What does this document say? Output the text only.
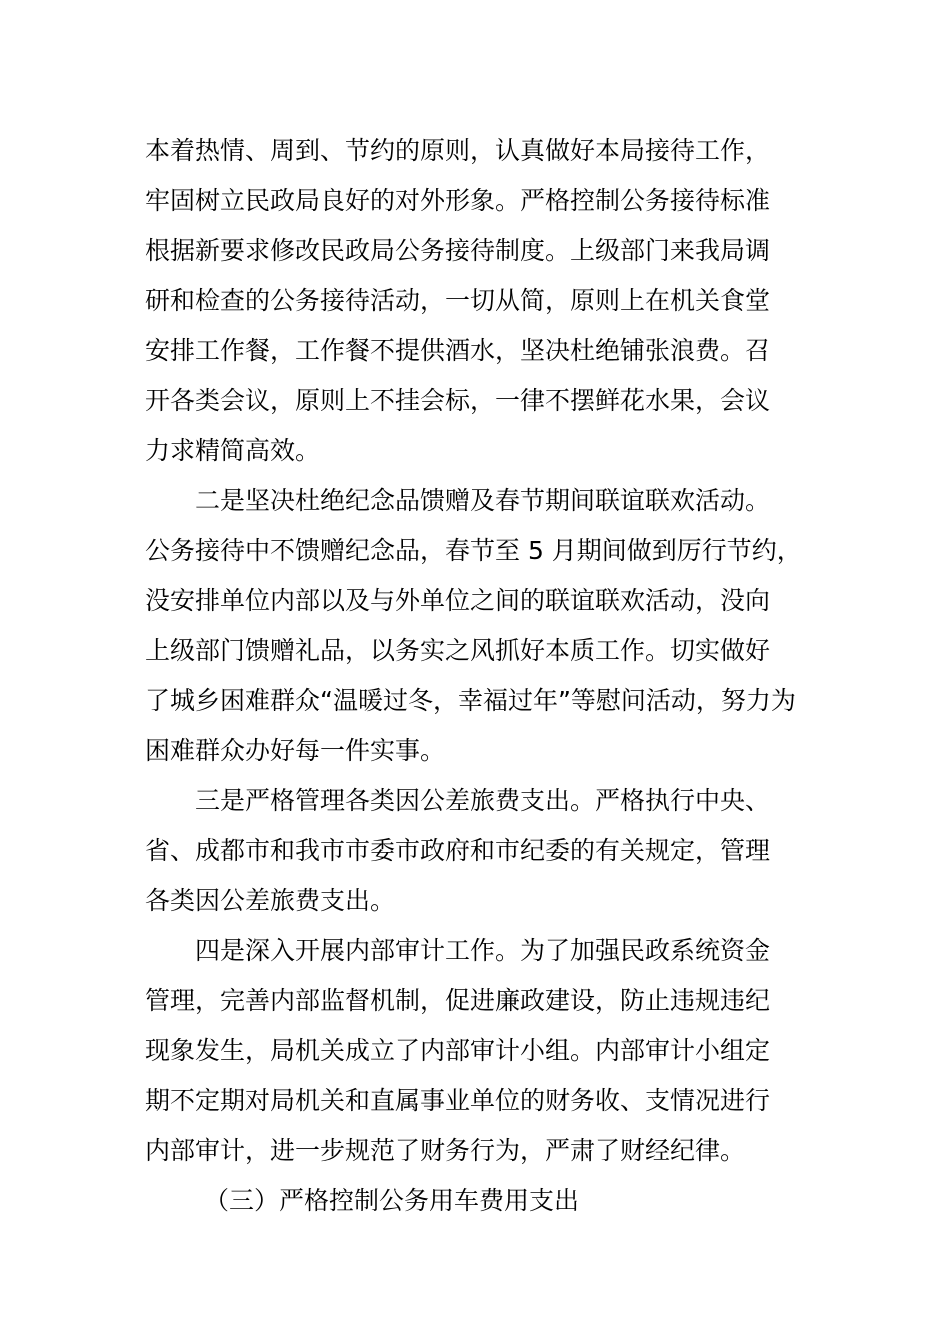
本着热情、周到、节约的原则，认真做好本局接待工作，
牢固树立民政局良好的对外形象。严格控制公务接待标准
根据新要求修改民政局公务接待制度。上级部门来我局调
研和检查的公务接待活动，一切从简，原则上在机关食堂
安排工作餐，工作餐不提供酒水，坚决杜绝铺张浪费。召
开各类会议，原则上不挂会标，一律不摆鲜花水果，会议
力求精简高效。
二是坚决杜绝纪念品馈赠及春节期间联谊联欢活动。
公务接待中不馈赠纪念品，春节至 5 月期间做到厉行节约，
没安排单位内部以及与外单位之间的联谊联欢活动，没向
上级部门馈赠礼品，以务实之风抓好本质工作。切实做好
了城乡困难群众“温暖过冬，幸福过年”等慰问活动，努力为
困难群众办好每一件实事。
三是严格管理各类因公差旅费支出。严格执行中央、
省、成都市和我市市委市政府和市纪委的有关规定，管理
各类因公差旅费支出。
四是深入开展内部审计工作。为了加强民政系统资金
管理，完善内部监督机制，促进廉政建设，防止违规违纪
现象发生，局机关成立了内部审计小组。内部审计小组定
期不定期对局机关和直属事业单位的财务收、支情况进行
内部审计，进一步规范了财务行为，严肃了财经纪律。
（三）严格控制公务用车费用支出
